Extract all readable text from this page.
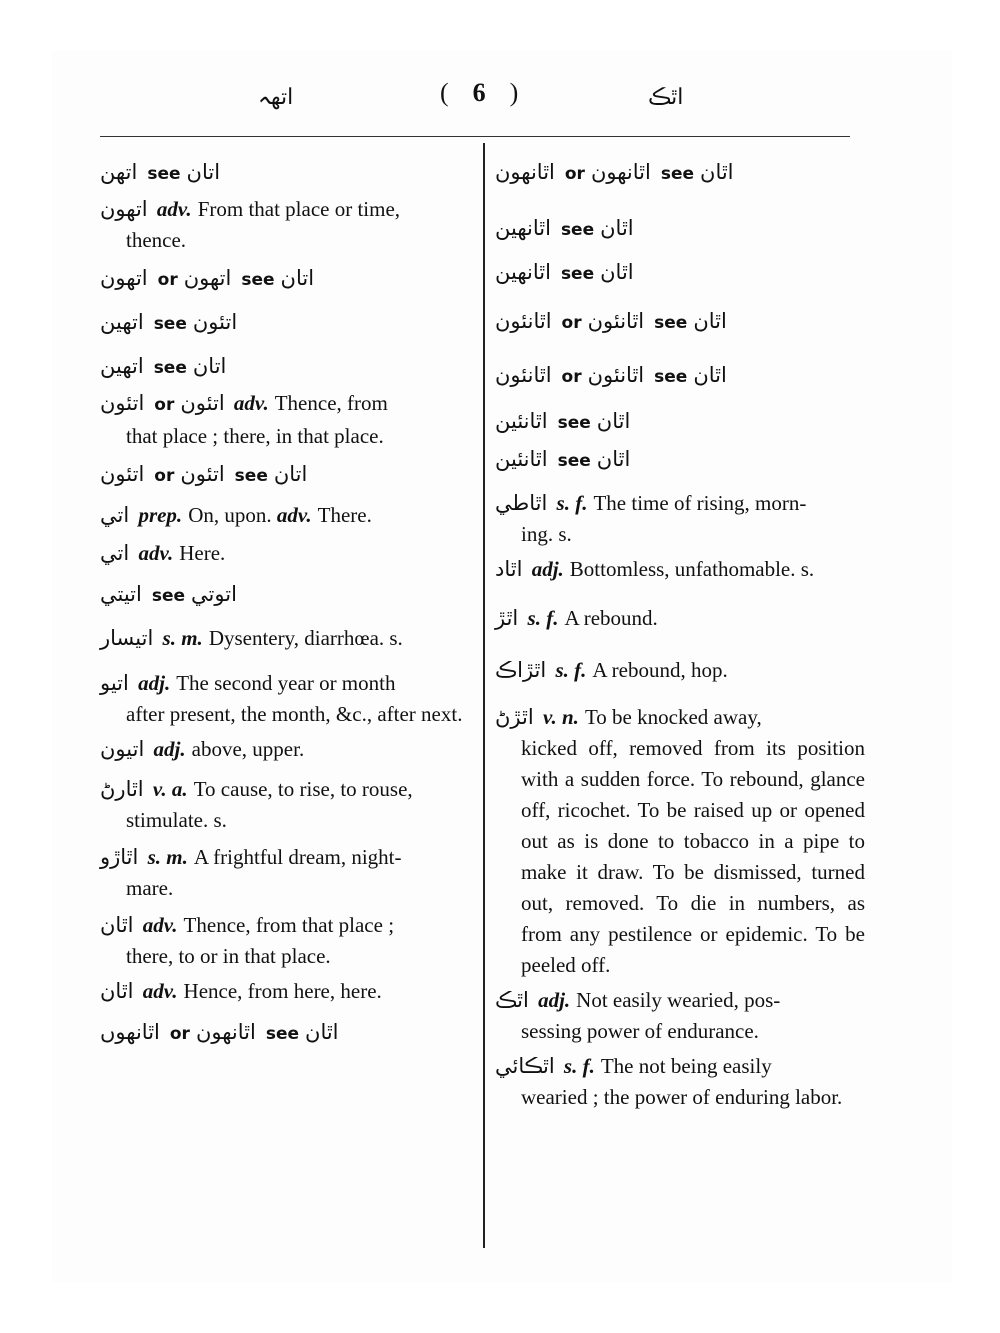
اتهہ	( 6 )	اٿڪ
اتهن see اتان
اتهون adv. From that place or time,
thence.
اتهون or اتهون see اتان
اتهين see اتئون
اتهين see اتان
اتئون or اتئون adv. Thence, from
that place ; there, in that place.
اتئون or اتئون see اتان
اتي prep. On, upon. adv. There.
اتي adv. Here.
اتيتي see اتوتي
اتيسار s. m. Dysentery, diarrhœa. s.
اتيو adj. The second year or month
after present, the month, &c., after next.
اتيون adj. above, upper.
اٿارڻ v. a. To cause, to rise, to rouse,
stimulate. s.
اٿاڙو s. m. A frightful dream, night-
mare.
اٿان adv. Thence, from that place ;
there, to or in that place.
اٿان adv. Hence, from here, here.
اٿانهوں or اٿانهون see اٿان
اٿانهون or اٿانهون see اٿان
اٿانهين see اٿان
اٿانهين see اٿان
اٿانئون or اٿانئون see اٿان
اٿانئون or اٿانئون see اٿان
اٿانئين see اٿان
اٿانئين see اٿان
اٿاطي s. f. The time of rising, morn-
ing. s.
اٿاد adj. Bottomless, unfathomable. s.
اٿڙ s. f. A rebound.
اٿڙاڪ s. f. A rebound, hop.
اٿڙڻ v. n. To be knocked away,
kicked off, removed from its position with a sudden force. To rebound, glance off, ricochet. To be raised up or opened out as is done to tobacco in a pipe to make it draw. To be dismissed, turned out, removed. To die in numbers, as from any pestilence or epidemic. To be peeled off.
اٿڪ adj. Not easily wearied, pos-
sessing power of endurance.
اٿڪائي s. f. The not being easily
wearied ; the power of enduring labor.
